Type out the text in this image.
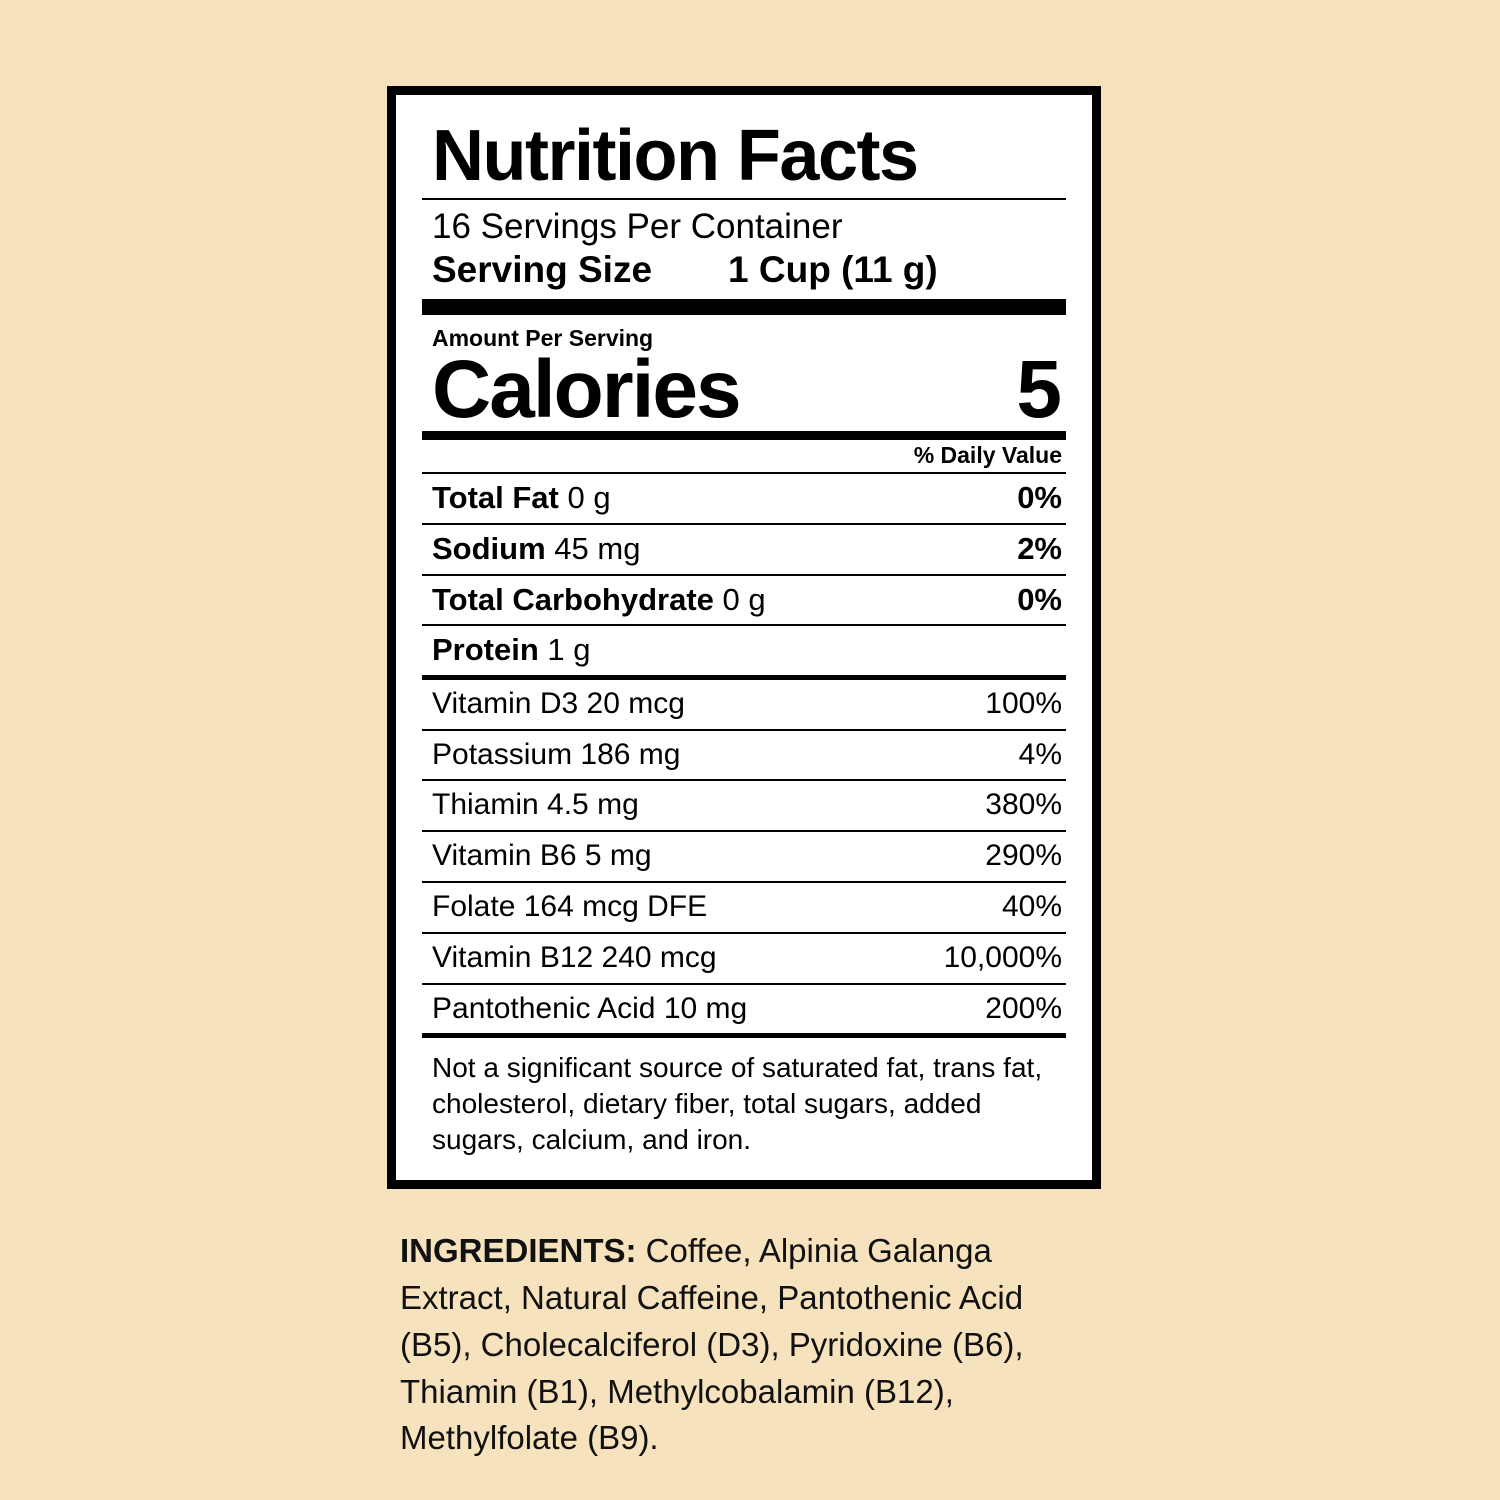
Nutrition Facts
16 Servings Per Container
Serving Size 1 Cup (11 g)
Amount Per Serving
Calories	5
% Daily Value
Total Fat 0 g	0%
Sodium 45 mg	2%
Total Carbohydrate 0 g	0%
Protein 1 g
Vitamin D3 20 mcg	100%
Potassium 186 mg	4%
Thiamin 4.5 mg	380%
Vitamin B6 5 mg	290%
Folate 164 mcg DFE	40%
Vitamin B12 240 mcg	10,000%
Pantothenic Acid 10 mg	200%
Not a significant source of saturated fat, trans fat, cholesterol, dietary fiber, total sugars, added sugars, calcium, and iron.
INGREDIENTS: Coffee, Alpinia Galanga Extract, Natural Caffeine, Pantothenic Acid (B5), Cholecalciferol (D3), Pyridoxine (B6), Thiamin (B1), Methylcobalamin (B12), Methylfolate (B9).
